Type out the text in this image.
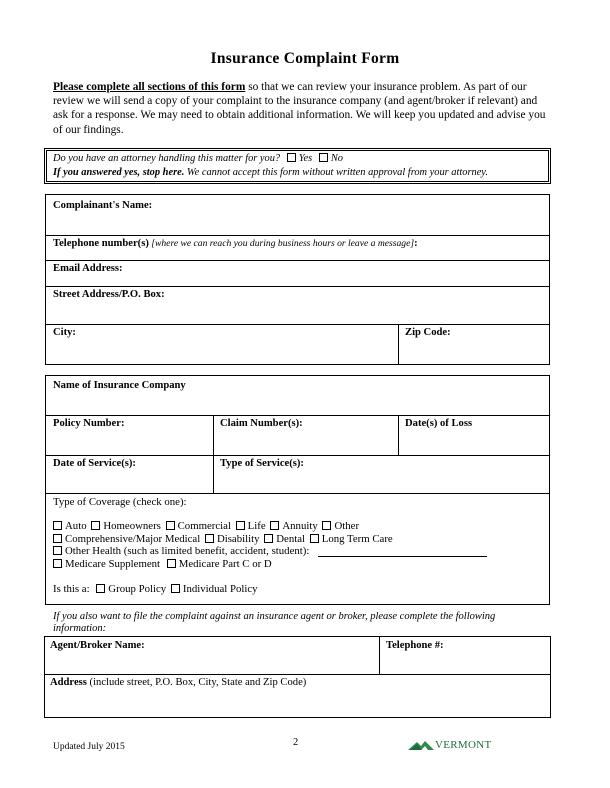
Insurance Complaint Form
Please complete all sections of this form so that we can review your insurance problem. As part of our review we will send a copy of your complaint to the insurance company (and agent/broker if relevant) and ask for a response. We may need to obtain additional information. We will keep you updated and advise you of our findings.
Do you have an attorney handling this matter for you? Yes No
If you answered yes, stop here. We cannot accept this form without written approval from your attorney.
Complainant's Name:
Telephone number(s) [where we can reach you during business hours or leave a message]:
Email Address:
Street Address/P.O. Box:
City:	Zip Code:
Name of Insurance Company
Policy Number:	Claim Number(s):	Date(s) of Loss
Date of Service(s):	Type of Service(s):
Type of Coverage (check one):
Auto Homeowners Commercial Life Annuity Other
Comprehensive/Major Medical Disability Dental Long Term Care
Other Health (such as limited benefit, accident, student):
Medicare Supplement Medicare Part C or D
Is this a: Group Policy Individual Policy
If you also want to file the complaint against an insurance agent or broker, please complete the following information:
Agent/Broker Name:	Telephone #:
Address (include street, P.O. Box, City, State and Zip Code)
Updated July 2015	2	VERMONT
